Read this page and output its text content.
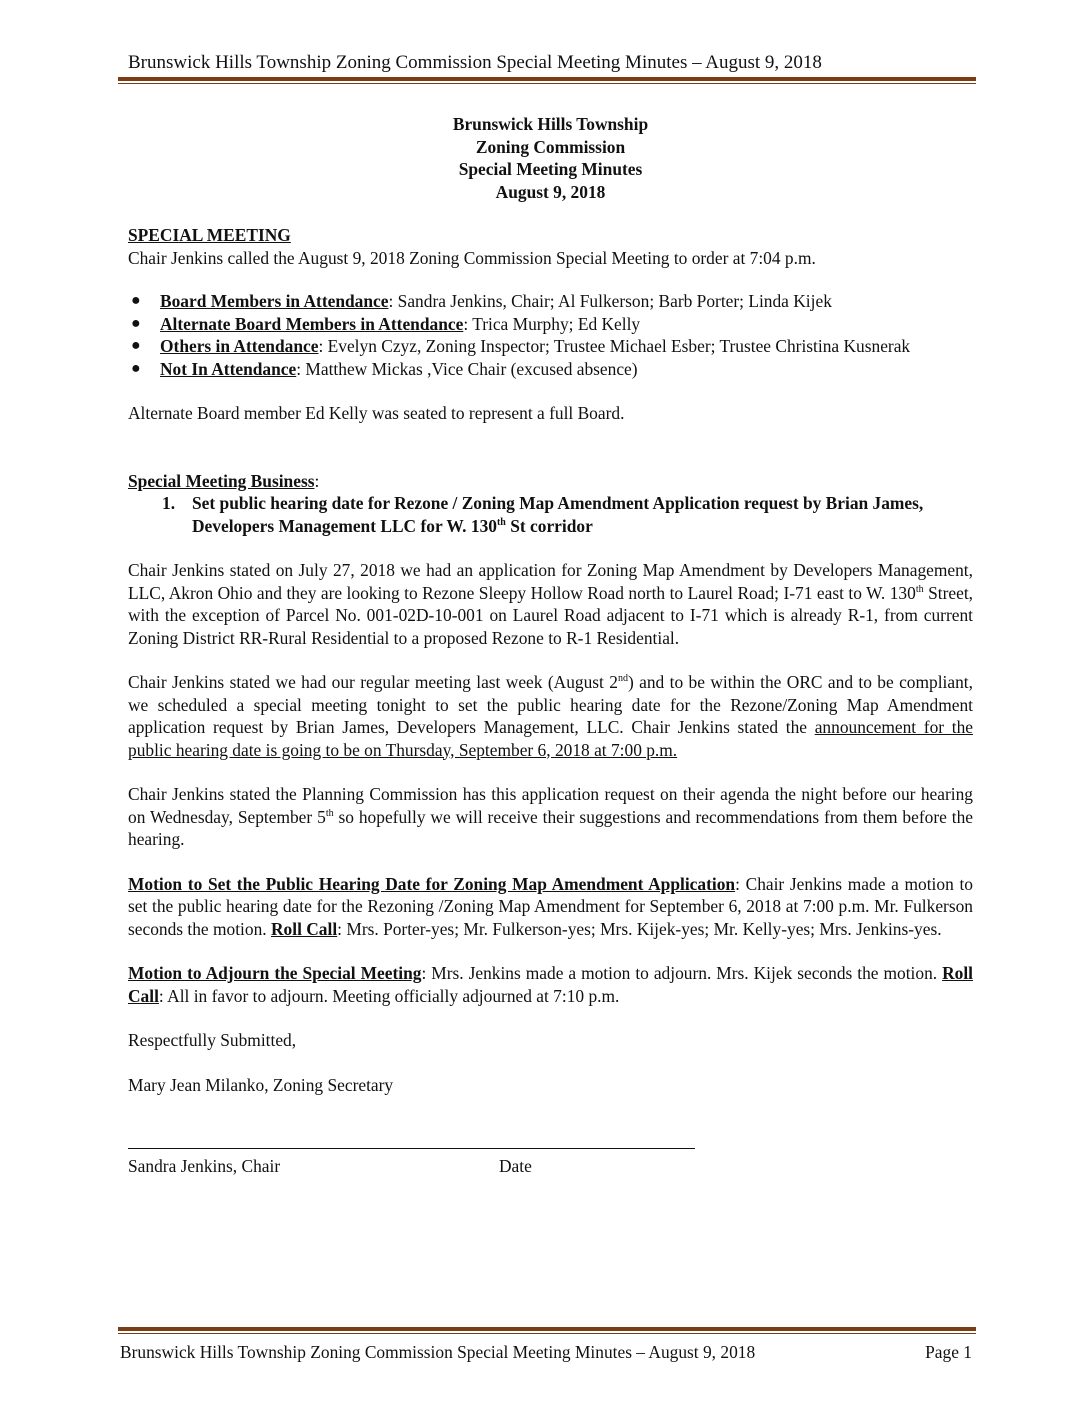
Brunswick Hills Township Zoning Commission Special Meeting Minutes – August 9, 2018
Brunswick Hills Township
Zoning Commission
Special Meeting Minutes
August 9, 2018
SPECIAL MEETING

Chair Jenkins called the August 9, 2018 Zoning Commission Special Meeting to order at 7:04 p.m.

● Board Members in Attendance: Sandra Jenkins, Chair; Al Fulkerson; Barb Porter; Linda Kijek
● Alternate Board Members in Attendance: Trica Murphy; Ed Kelly
● Others in Attendance: Evelyn Czyz, Zoning Inspector; Trustee Michael Esber; Trustee Christina Kusnerak
● Not In Attendance: Matthew Mickas ,Vice Chair (excused absence)

Alternate Board member Ed Kelly was seated to represent a full Board.

Special Meeting Business:

1. Set public hearing date for Rezone / Zoning Map Amendment Application request by Brian James, Developers Management LLC for W. 130th St corridor

Chair Jenkins stated on July 27, 2018 we had an application for Zoning Map Amendment by Developers Management, LLC, Akron Ohio and they are looking to Rezone Sleepy Hollow Road north to Laurel Road; I-71 east to W. 130th Street, with the exception of Parcel No. 001-02D-10-001 on Laurel Road adjacent to I-71 which is already R-1, from current Zoning District RR-Rural Residential to a proposed Rezone to R-1 Residential.

Chair Jenkins stated we had our regular meeting last week (August 2nd) and to be within the ORC and to be compliant, we scheduled a special meeting tonight to set the public hearing date for the Rezone/Zoning Map Amendment application request by Brian James, Developers Management, LLC. Chair Jenkins stated the announcement for the public hearing date is going to be on Thursday, September 6, 2018 at 7:00 p.m.

Chair Jenkins stated the Planning Commission has this application request on their agenda the night before our hearing on Wednesday, September 5th so hopefully we will receive their suggestions and recommendations from them before the hearing.

Motion to Set the Public Hearing Date for Zoning Map Amendment Application: Chair Jenkins made a motion to set the public hearing date for the Rezoning /Zoning Map Amendment for September 6, 2018 at 7:00 p.m. Mr. Fulkerson seconds the motion. Roll Call: Mrs. Porter-yes; Mr. Fulkerson-yes; Mrs. Kijek-yes; Mr. Kelly-yes; Mrs. Jenkins-yes.

Motion to Adjourn the Special Meeting: Mrs. Jenkins made a motion to adjourn. Mrs. Kijek seconds the motion. Roll Call: All in favor to adjourn. Meeting officially adjourned at 7:10 p.m.

Respectfully Submitted,

Mary Jean Milanko, Zoning Secretary

Sandra Jenkins, Chair	Date
Brunswick Hills Township Zoning Commission Special Meeting Minutes – August 9, 2018	Page 1
